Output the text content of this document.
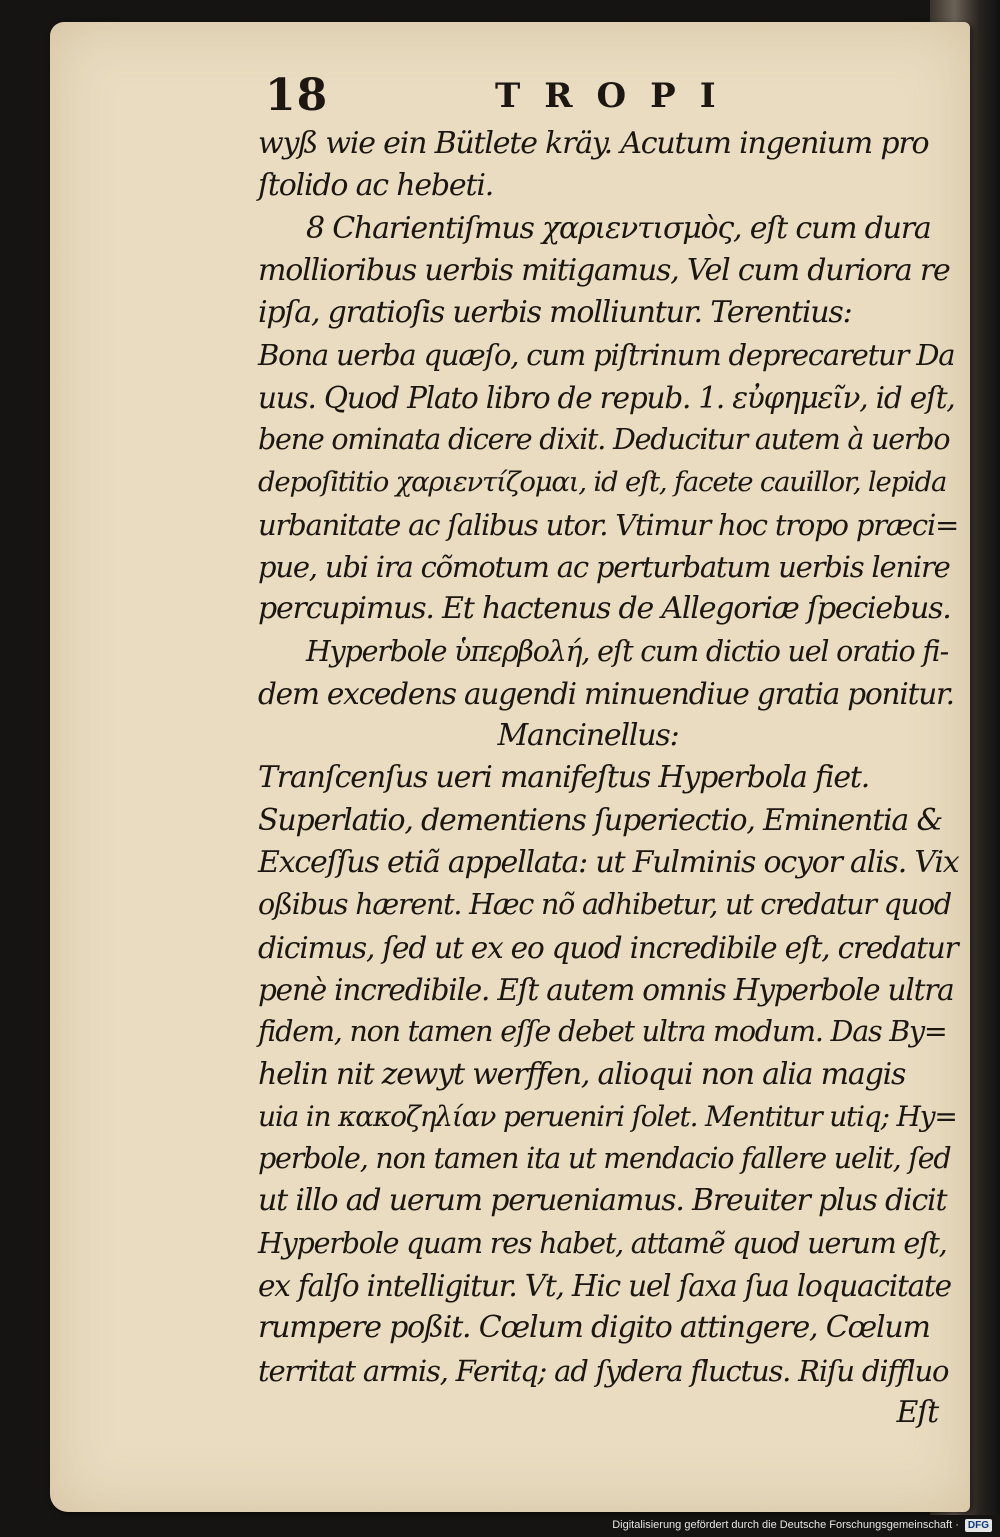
18	TROPI
wyß wie ein Bütlete kräy. Acutum ingenium pro
ſtolido ac hebeti.
8 Charientiſmus χαριεντισμὸς, eſt cum dura
mollioribus uerbis mitigamus, Vel cum duriora re
ipſa, gratioſis uerbis molliuntur. Terentius:
Bona uerba quæſo, cum piſtrinum deprecaretur Da
uus. Quod Plato libro de repub. 1. εὐφημεῖν, id eſt,
bene ominata dicere dixit. Deducitur autem à uerbo
depoſititio χαριεντίζομαι, id eſt, facete cauillor, lepida
urbanitate ac ſalibus utor. Vtimur hoc tropo præci=
pue, ubi ira cõmotum ac perturbatum uerbis lenire
percupimus. Et hactenus de Allegoriæ ſpeciebus.
Hyperbole ὑπερβολή, eſt cum dictio uel oratio fi-
dem excedens augendi minuendiue gratia ponitur.
Mancinellus:
Tranſcenſus ueri manifeſtus Hyperbola fiet.
Superlatio, dementiens ſuperiectio, Eminentia &
Exceſſus etiã appellata: ut Fulminis ocyor alis. Vix
oßibus hærent. Hæc nõ adhibetur, ut credatur quod
dicimus, ſed ut ex eo quod incredibile eſt, credatur
penè incredibile. Eſt autem omnis Hyperbole ultra
fidem, non tamen eſſe debet ultra modum. Das By=
helin nit zewyt werffen, alioqui non alia magis
uia in κακοζηλίαν perueniri ſolet. Mentitur utiq; Hy=
perbole, non tamen ita ut mendacio fallere uelit, ſed
ut illo ad uerum perueniamus. Breuiter plus dicit
Hyperbole quam res habet, attamẽ quod uerum eſt,
ex falſo intelligitur. Vt, Hic uel ſaxa ſua loquacitate
rumpere poßit. Cœlum digito attingere, Cœlum
territat armis, Feritq; ad ſydera fluctus. Riſu diffluo
Eſt
Digitalisierung gefördert durch die Deutsche Forschungsgemeinschaft · DFG
